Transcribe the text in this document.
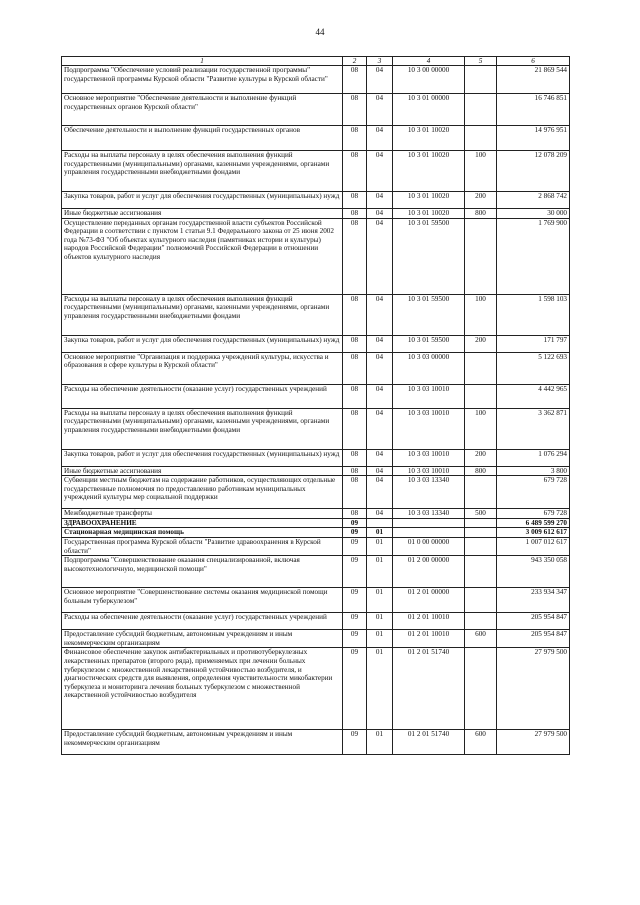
44
1	2	3	4	5	6
Подпрограмма "Обеспечение условий реализации государственной программы" государственной программы Курской области "Развитие культуры в Курской области"	08	04	10 3 00 00000		21 869 544
Основное мероприятие "Обеспечение деятельности и выполнение функций государственных органов Курской области"	08	04	10 3 01 00000		16 746 851
Обеспечение деятельности и выполнение функций государственных органов	08	04	10 3 01 10020		14 976 951
Расходы на выплаты персоналу в целях обеспечения выполнения функций государственными (муниципальными) органами, казенными учреждениями, органами управления государственными внебюджетными фондами	08	04	10 3 01 10020	100	12 078 209
Закупка товаров, работ и услуг для обеспечения государственных (муниципальных) нужд	08	04	10 3 01 10020	200	2 868 742
Иные бюджетные ассигнования	08	04	10 3 01 10020	800	30 000
Осуществление переданных органам государственной власти субъектов Российской Федерации в соответствии с пунктом 1 статьи 9.1 Федерального закона от 25 июня 2002 года №73-ФЗ "Об объектах культурного наследия (памятниках истории и культуры) народов Российской Федерации" полномочий Российской Федерации в отношении объектов культурного наследия	08	04	10 3 01 59500		1 769 900
Расходы на выплаты персоналу в целях обеспечения выполнения функций государственными (муниципальными) органами, казенными учреждениями, органами управления государственными внебюджетными фондами	08	04	10 3 01 59500	100	1 598 103
Закупка товаров, работ и услуг для обеспечения государственных (муниципальных) нужд	08	04	10 3 01 59500	200	171 797
Основное мероприятие "Организация и поддержка учреждений культуры, искусства и образования в сфере культуры в Курской области"	08	04	10 3 03 00000		5 122 693
Расходы на обеспечение деятельности (оказание услуг) государственных учреждений	08	04	10 3 03 10010		4 442 965
Расходы на выплаты персоналу в целях обеспечения выполнения функций государственными (муниципальными) органами, казенными учреждениями, органами управления государственными внебюджетными фондами	08	04	10 3 03 10010	100	3 362 871
Закупка товаров, работ и услуг для обеспечения государственных (муниципальных) нужд	08	04	10 3 03 10010	200	1 076 294
Иные бюджетные ассигнования	08	04	10 3 03 10010	800	3 800
Субвенции местным бюджетам на содержание работников, осуществляющих отдельные государственные полномочия по предоставлению работникам муниципальных учреждений культуры мер социальной поддержки	08	04	10 3 03 13340		679 728
Межбюджетные трансферты	08	04	10 3 03 13340	500	679 728
ЗДРАВООХРАНЕНИЕ	09				6 489 599 270
Стационарная медицинская помощь	09	01			3 009 612 617
Государственная программа Курской области "Развитие здравоохранения в Курской области"	09	01	01 0 00 00000		1 007 012 617
Подпрограмма "Совершенствование оказания специализированной, включая высокотехнологичную, медицинской помощи"	09	01	01 2 00 00000		943 350 058
Основное мероприятие "Совершенствование системы оказания медицинской помощи больным туберкулезом"	09	01	01 2 01 00000		233 934 347
Расходы на обеспечение деятельности (оказание услуг) государственных учреждений	09	01	01 2 01 10010		205 954 847
Предоставление субсидий бюджетным, автономным учреждениям и иным некоммерческим организациям	09	01	01 2 01 10010	600	205 954 847
Финансовое обеспечение закупок антибактериальных и противотуберкулезных лекарственных препаратов (второго ряда), применяемых при лечении больных туберкулезом с множественной лекарственной устойчивостью возбудителя, и диагностических средств для выявления, определения чувствительности микобактерии туберкулеза и мониторинга лечения больных туберкулезом с множественной лекарственной устойчивостью возбудителя	09	01	01 2 01 51740		27 979 500
Предоставление субсидий бюджетным, автономным учреждениям и иным некоммерческим организациям	09	01	01 2 01 51740	600	27 979 500
